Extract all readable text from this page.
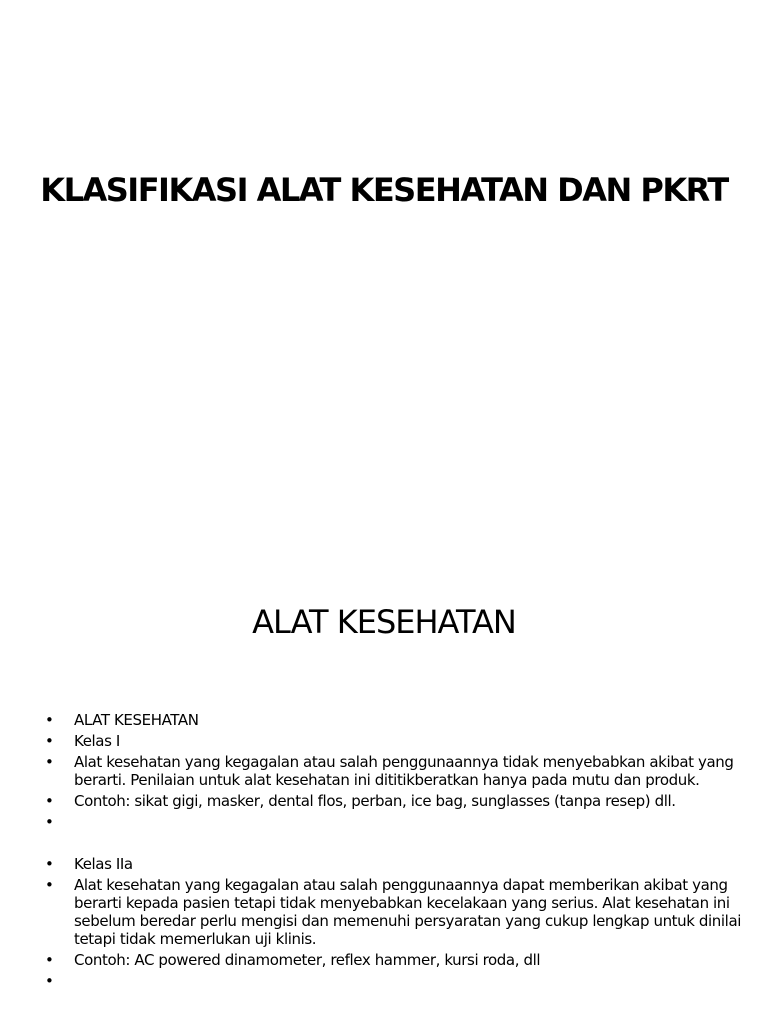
KLASIFIKASI ALAT KESEHATAN DAN PKRT
ALAT KESEHATAN
•	ALAT KESEHATAN
•	Kelas I
•	Alat kesehatan yang kegagalan atau salah penggunaannya tidak menyebabkan akibat yang berarti. Penilaian untuk alat kesehatan ini dititikberatkan hanya pada mutu dan produk.
•	Contoh: sikat gigi, masker, dental flos, perban, ice bag, sunglasses (tanpa resep) dll.
•
•	Kelas IIa
•	Alat kesehatan yang kegagalan atau salah penggunaannya dapat memberikan akibat yang berarti kepada pasien tetapi tidak menyebabkan kecelakaan yang serius. Alat kesehatan ini sebelum beredar perlu mengisi dan memenuhi persyaratan yang cukup lengkap untuk dinilai tetapi tidak memerlukan uji klinis.
•	Contoh: AC powered dinamometer, reflex hammer, kursi roda, dll
•
